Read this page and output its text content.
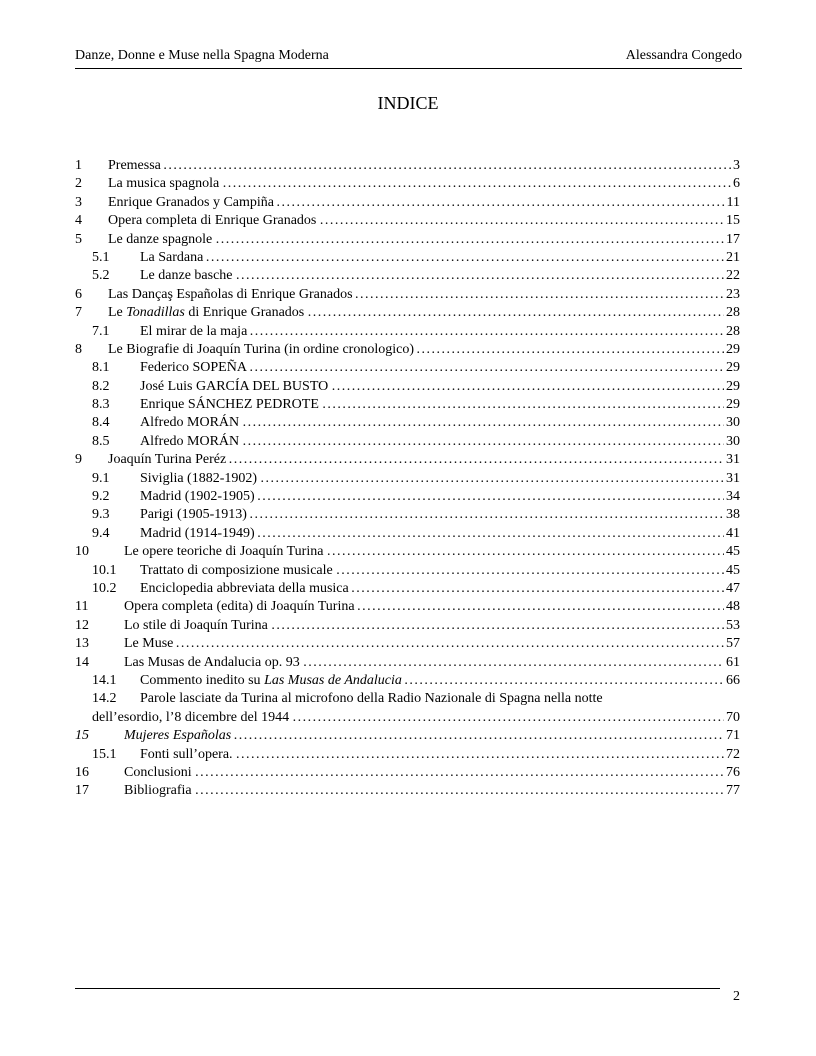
Danze, Donne e Muse nella Spagna Moderna	Alessandra Congedo
INDICE
1 Premessa . . .	3
2 La musica spagnola . . .	6
3 Enrique Granados y Campiña . . .	11
4 Opera completa di Enrique Granados . . .	15
5 Le danze spagnole . . .	17
5.1 La Sardana . . .	21
5.2 Le danze basche . . .	22
6 Las Dançaş Españolas di Enrique Granados . . .	23
7 Le Tonadillas di Enrique Granados . . .	28
7.1 El mirar de la maja . . .	28
8 Le Biografie di Joaquín Turina (in ordine cronologico) . . .	29
8.1 Federico SOPEÑA . . .	29
8.2 José Luis GARCÍA DEL BUSTO . . .	29
8.3 Enrique SÁNCHEZ PEDROTE . . .	29
8.4 Alfredo MORÁN . . .	30
8.5 Alfredo MORÁN . . .	30
9 Joaquín Turina Peréz . . .	31
9.1 Siviglia (1882-1902) . . .	31
9.2 Madrid (1902-1905) . . .	34
9.3 Parigi (1905-1913) . . .	38
9.4 Madrid (1914-1949) . . .	41
10	Le opere teoriche di Joaquín Turina . . .	45
10.1 Trattato di composizione musicale . . .	45
10.2 Enciclopedia abbreviata della musica . . .	47
11	Opera completa (edita) di Joaquín Turina . . .	48
12	Lo stile di Joaquín Turina . . .	53
13	Le Muse . . .	57
14	Las Musas de Andalucia op. 93 . . .	61
14.1 Commento inedito su Las Musas de Andalucia . . .	66
14.2 Parole lasciate da Turina al microfono della Radio Nazionale di Spagna nella notte
dell’esordio, l’8 dicembre del 1944 . . .	70
15	Mujeres Españolas . . .	71
15.1 Fonti sull’opera. . . .	72
16	Conclusioni . . .	76
17	Bibliografia . . .	77
2
